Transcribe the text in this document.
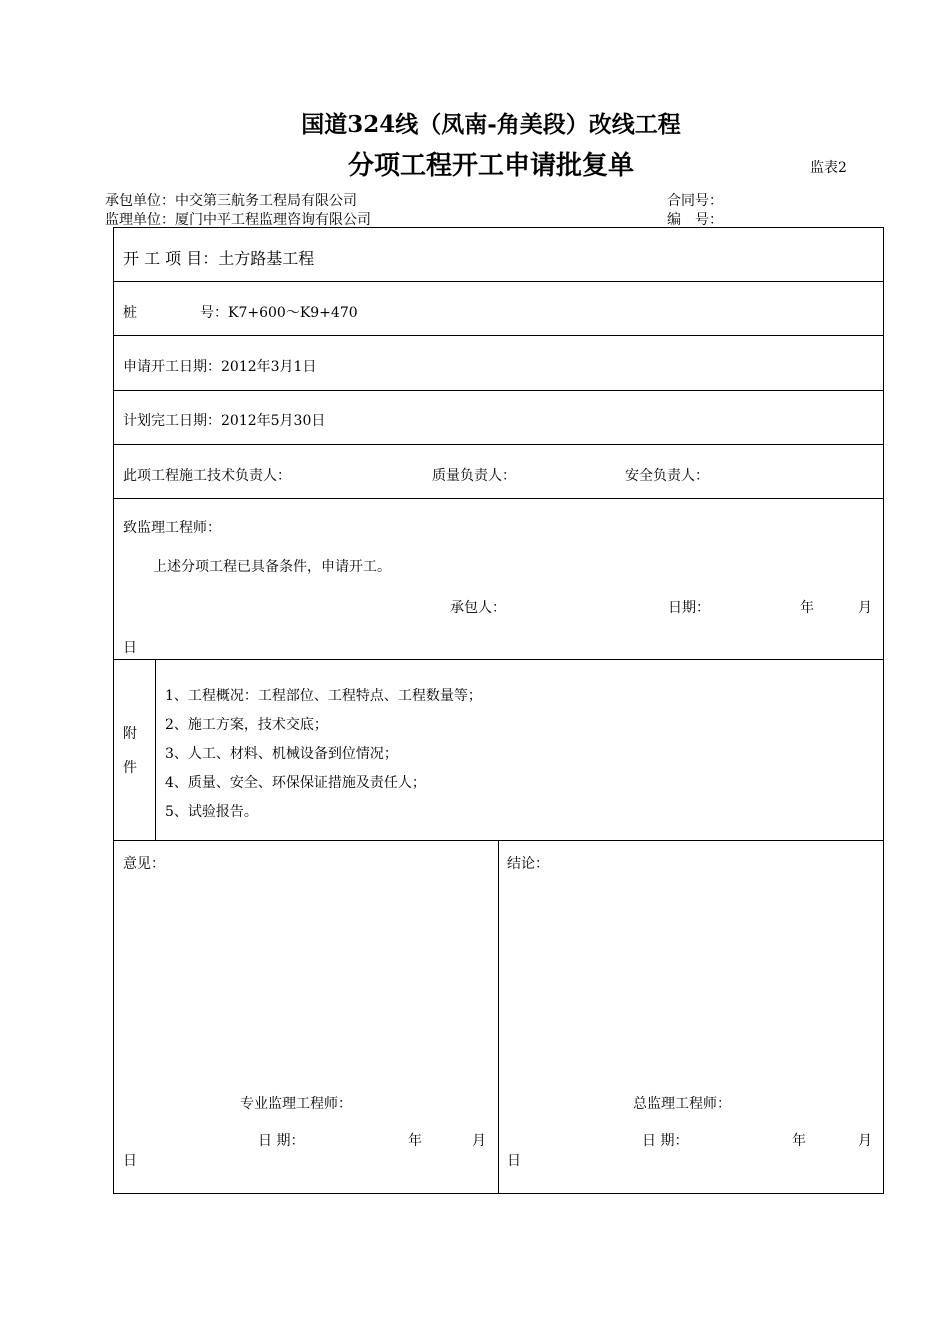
国道324线（凤南-角美段）改线工程
分项工程开工申请批复单	监表2
承包单位：中交第三航务工程局有限公司	合同号：
监理单位：厦门中平工程监理咨询有限公司	编　号：
开 工 项 目：土方路基工程
桩	号：K7+600～K9+470
申请开工日期：2012年3月1日
计划完工日期：2012年5月30日
此项工程施工技术负责人：	质量负责人：	安全负责人：
致监理工程师：
上述分项工程已具备条件，申请开工。
承包人：	日期：	年	月
日
附
件
1、工程概况：工程部位、工程特点、工程数量等；
2、施工方案，技术交底；
3、人工、材料、机械设备到位情况；
4、质量、安全、环保保证措施及责任人；
5、试验报告。
意见：
专业监理工程师：
日 期：	年	月
日
结论：
总监理工程师：
日 期：	年	月
日
